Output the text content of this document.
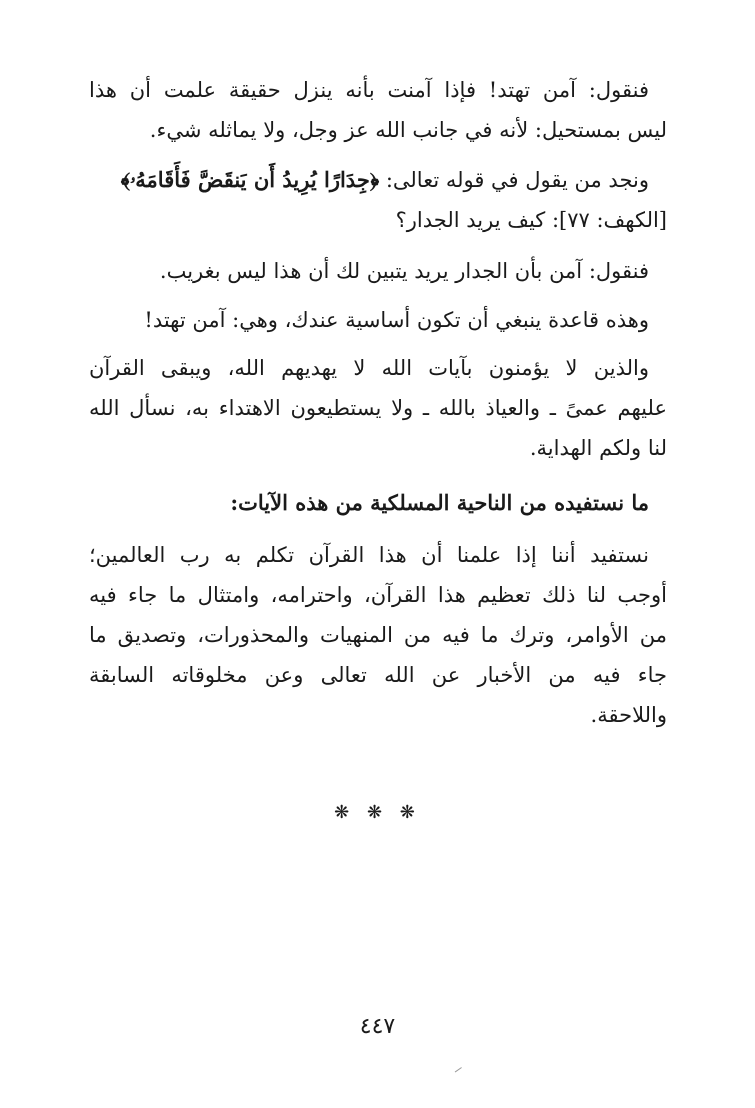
فنقول: آمن تهتد! فإذا آمنت بأنه ينزل حقيقة علمت أن هذا
ليس بمستحيل: لأنه في جانب الله عز وجل، ولا يماثله شيء.
ونجد من يقول في قوله تعالى: ﴿جِدَارًا يُرِيدُ أَن يَنقَضَّ فَأَقَامَهُۥ﴾
[الكهف: ٧٧]: كيف يريد الجدار؟
فنقول: آمن بأن الجدار يريد يتبين لك أن هذا ليس بغريب.
وهذه قاعدة ينبغي أن تكون أساسية عندك، وهي: آمن تهتد!
والذين لا يؤمنون بآيات الله لا يهديهم الله، ويبقى القرآن
عليهم عمىً ـ والعياذ بالله ـ ولا يستطيعون الاهتداء به، نسأل الله
لنا ولكم الهداية.
ما نستفيده من الناحية المسلكية من هذه الآيات:
نستفيد أننا إذا علمنا أن هذا القرآن تكلم به رب العالمين؛
أوجب لنا ذلك تعظيم هذا القرآن، واحترامه، وامتثال ما جاء فيه
من الأوامر، وترك ما فيه من المنهيات والمحذورات، وتصديق ما
جاء فيه من الأخبار عن الله تعالى وعن مخلوقاته السابقة
واللاحقة.
❋ ❋ ❋
٤٤٧
